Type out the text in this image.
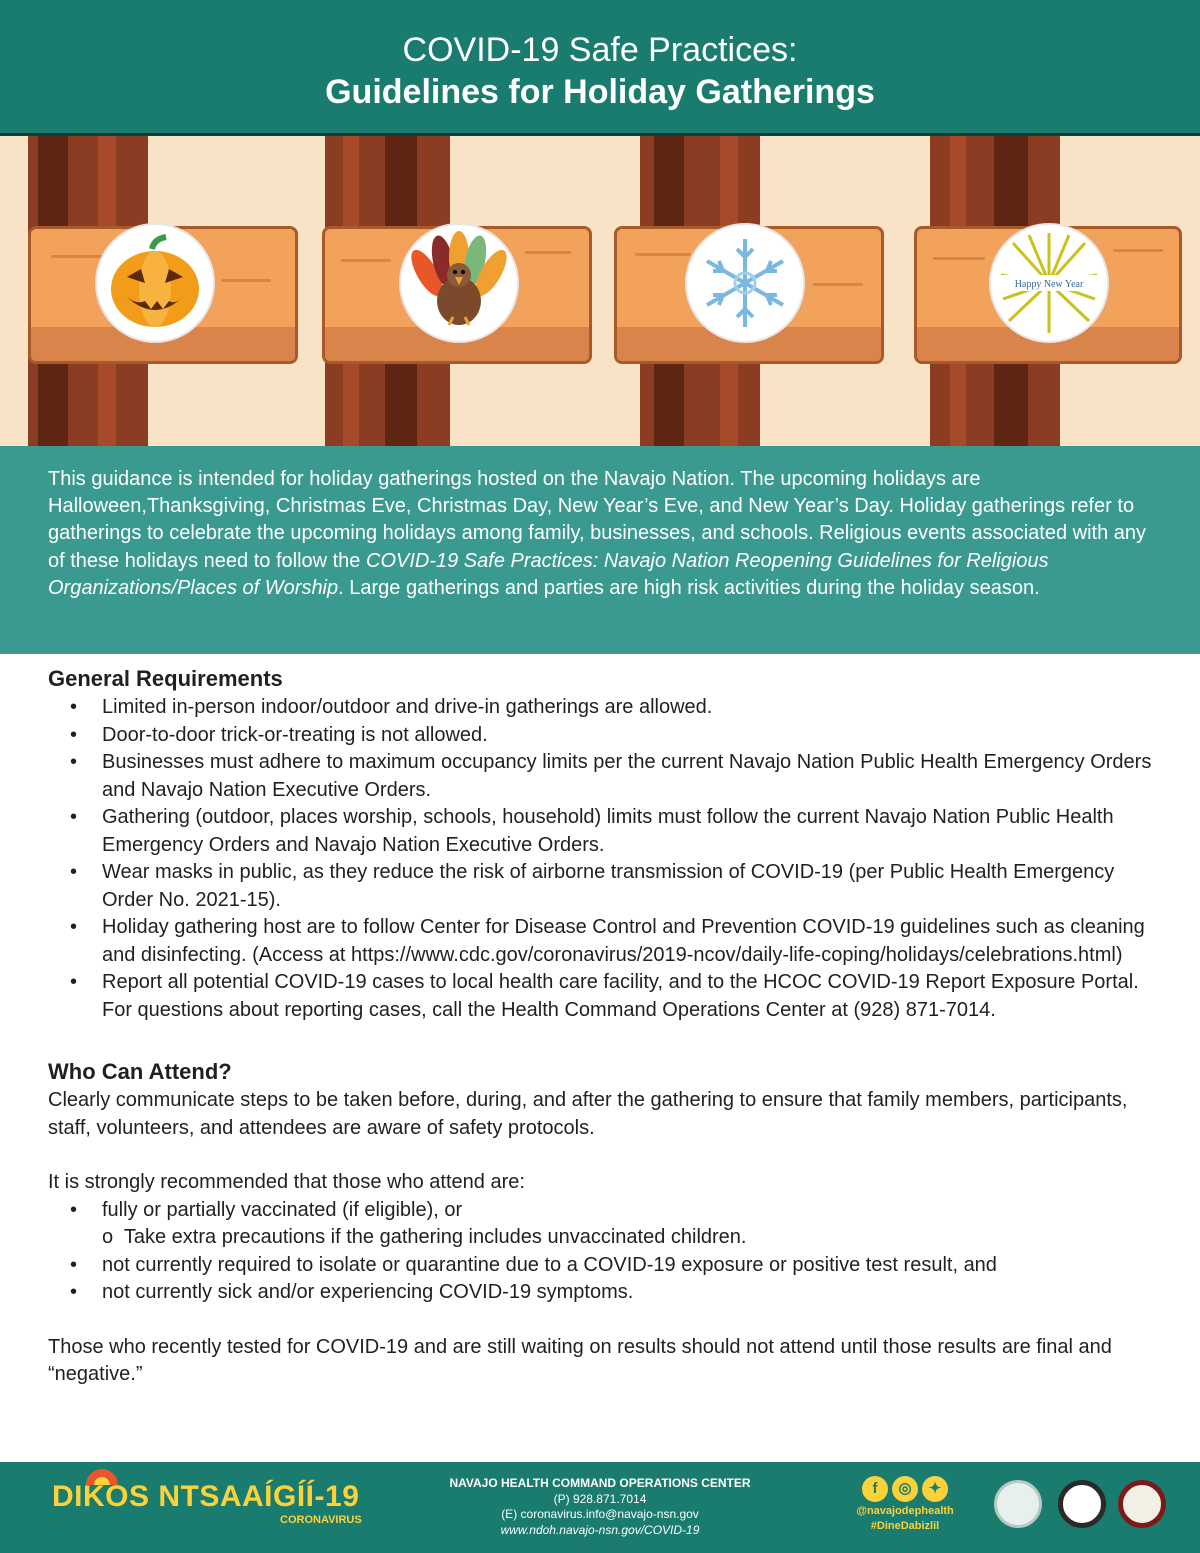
COVID-19 Safe Practices:
Guidelines for Holiday Gatherings
Happy New Year

This guidance is intended for holiday gatherings hosted on the Navajo Nation. The upcoming holidays are Halloween,Thanksgiving, Christmas Eve, Christmas Day, New Year’s Eve, and New Year’s Day. Holiday gatherings refer to gatherings to celebrate the upcoming holidays among family, businesses, and schools. Religious events associated with any of these holidays need to follow the COVID-19 Safe Practices: Navajo Nation Reopening Guidelines for Religious Organizations/Places of Worship. Large gatherings and parties are high risk activities during the holiday season.

General Requirements
• Limited in-person indoor/outdoor and drive-in gatherings are allowed.
• Door-to-door trick-or-treating is not allowed.
• Businesses must adhere to maximum occupancy limits per the current Navajo Nation Public Health Emergency Orders and Navajo Nation Executive Orders.
• Gathering (outdoor, places worship, schools, household) limits must follow the current Navajo Nation Public Health Emergency Orders and Navajo Nation Executive Orders.
• Wear masks in public, as they reduce the risk of airborne transmission of COVID-19 (per Public Health Emergency Order No. 2021-15).
• Holiday gathering host are to follow Center for Disease Control and Prevention COVID-19 guidelines such as cleaning and disinfecting. (Access at https://www.cdc.gov/coronavirus/2019-ncov/daily-life-coping/holidays/celebrations.html)
• Report all potential COVID-19 cases to local health care facility, and to the HCOC COVID-19 Report Exposure Portal. For questions about reporting cases, call the Health Command Operations Center at (928) 871-7014.
Who Can Attend?

Clearly communicate steps to be taken before, during, and after the gathering to ensure that family members, participants, staff, volunteers, and attendees are aware of safety protocols.

It is strongly recommended that those who attend are:

• fully or partially vaccinated (if eligible), or
o  Take extra precautions if the gathering includes unvaccinated children.
• not currently required to isolate or quarantine due to a COVID-19 exposure or positive test result, and
• not currently sick and/or experiencing COVID-19 symptoms.

Those who recently tested for COVID-19 and are still waiting on results should not attend until those results are final and “negative.”

DIKOS NTSAAÍGÍÍ-19
CORONAVIRUS
NAVAJO HEALTH COMMAND OPERATIONS CENTER
(P) 928.871.7014
(E) coronavirus.info@navajo-nsn.gov
www.ndoh.navajo-nsn.gov/COVID-19
f ◎ ✦
@navajodephealth
#DineDabizlil
